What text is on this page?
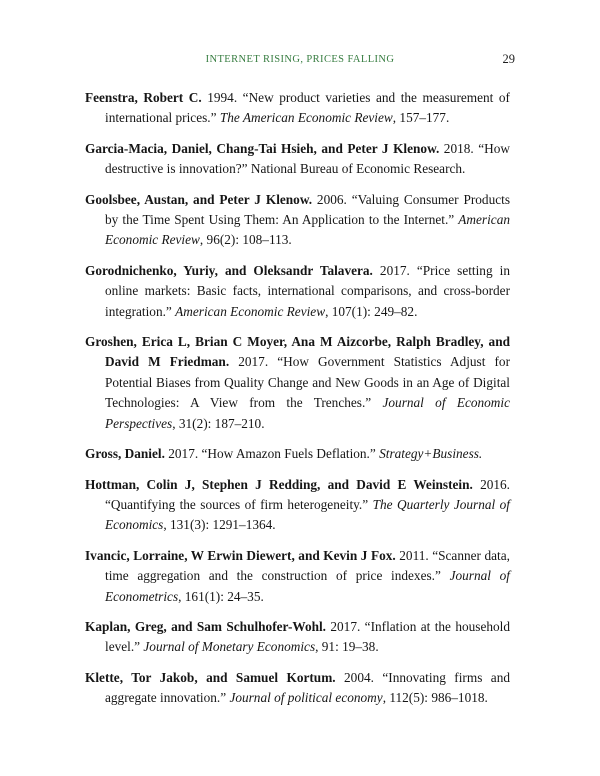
INTERNET RISING, PRICES FALLING	29

Feenstra, Robert C. 1994. “New product varieties and the measurement of international prices.” The American Economic Review, 157–177.

Garcia-Macia, Daniel, Chang-Tai Hsieh, and Peter J Klenow. 2018. “How destructive is innovation?” National Bureau of Economic Research.

Goolsbee, Austan, and Peter J Klenow. 2006. “Valuing Consumer Products by the Time Spent Using Them: An Application to the Internet.” American Economic Review, 96(2): 108–113.

Gorodnichenko, Yuriy, and Oleksandr Talavera. 2017. “Price setting in online markets: Basic facts, international comparisons, and cross-border integration.” American Economic Review, 107(1): 249–82.

Groshen, Erica L, Brian C Moyer, Ana M Aizcorbe, Ralph Bradley, and David M Friedman. 2017. “How Government Statistics Adjust for Potential Biases from Quality Change and New Goods in an Age of Digital Technologies: A View from the Trenches.” Journal of Economic Perspectives, 31(2): 187–210.

Gross, Daniel. 2017. “How Amazon Fuels Deflation.” Strategy+Business.

Hottman, Colin J, Stephen J Redding, and David E Weinstein. 2016. “Quantifying the sources of firm heterogeneity.” The Quarterly Journal of Economics, 131(3): 1291–1364.

Ivancic, Lorraine, W Erwin Diewert, and Kevin J Fox. 2011. “Scanner data, time aggregation and the construction of price indexes.” Journal of Econometrics, 161(1): 24–35.

Kaplan, Greg, and Sam Schulhofer-Wohl. 2017. “Inflation at the household level.” Journal of Monetary Economics, 91: 19–38.

Klette, Tor Jakob, and Samuel Kortum. 2004. “Innovating firms and aggregate innovation.” Journal of political economy, 112(5): 986–1018.
